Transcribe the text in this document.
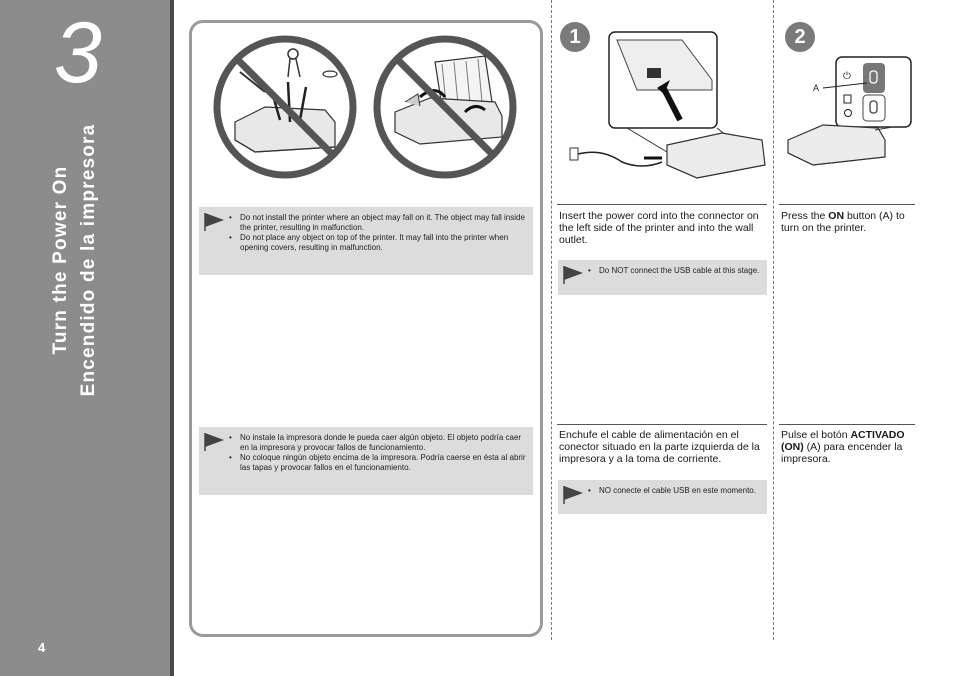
3
Turn the Power On Encendido de la impresora
4
• Do not install the printer where an object may fall on it. The object may fall inside the printer, resulting in malfunction.
• Do not place any object on top of the printer. It may fall into the printer when opening covers, resulting in malfunction.
• No instale la impresora donde le pueda caer algún objeto. El objeto podría caer en la impresora y provocar fallos de funcionamiento.
• No coloque ningún objeto encima de la impresora. Podría caerse en ésta al abrir las tapas y provocar fallos en el funcionamiento.
1	2
⏻
A
Insert the power cord into the connector on the left side of the printer and into the wall outlet.
• Do NOT connect the USB cable at this stage.
Enchufe el cable de alimentación en el conector situado en la parte izquierda de la impresora y a la toma de corriente.
• NO conecte el cable USB en este momento.
Press the ON button (A) to turn on the printer.
Pulse el botón ACTIVADO (ON) (A) para encender la impresora.
